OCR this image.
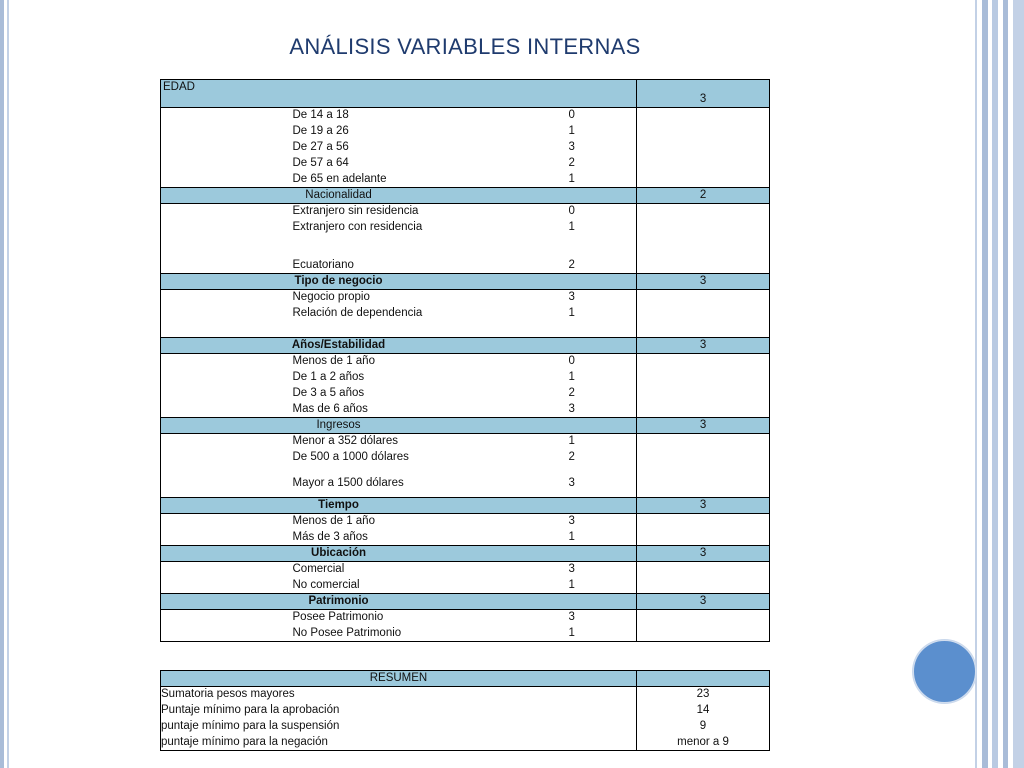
ANÁLISIS VARIABLES INTERNAS
EDAD			3
	De 14 a 18	0	
	De 19 a 26	1	
	De 27 a 56	3	
	De 57 a 64	2	
	De 65 en adelante	1	
Nacionalidad			2
	Extranjero sin residencia	0	
	Extranjero con residencia	1	
	Ecuatoriano	2	
Tipo de negocio			3
	Negocio propio	3	
	Relación de dependencia	1	
Años/Estabilidad			3
	Menos de 1 año	0	
	De 1 a 2 años	1	
	De 3 a 5 años	2	
	Mas de 6 años	3	
Ingresos			3
	Menor a 352 dólares	1	
	De 500 a 1000 dólares	2	
	Mayor a 1500 dólares	3	
Tiempo			3
	Menos de 1 año	3	
	Más de 3 años	1	
Ubicación			3
	Comercial	3	
	No comercial	1	
Patrimonio			3
	Posee Patrimonio	3	
	No Posee Patrimonio	1	
RESUMEN	
Sumatoria pesos mayores	23
Puntaje mínimo para la aprobación	14
puntaje mínimo para la suspensión	9
puntaje mínimo para la negación	menor a 9
